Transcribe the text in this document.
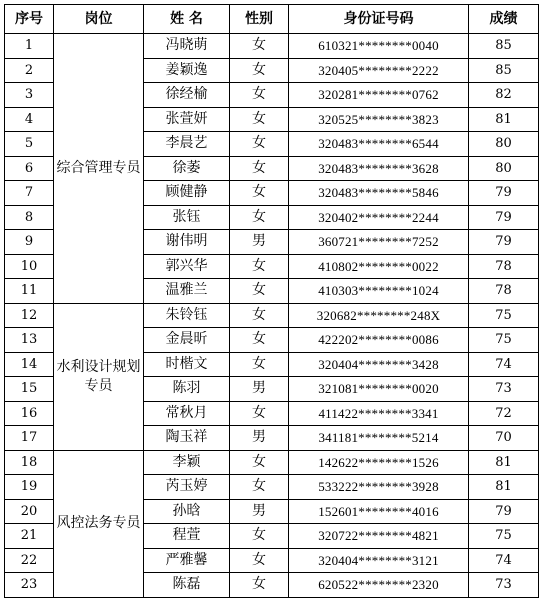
序号	岗位	姓 名	性别	身份证号码	成绩
1	综合管理专员	冯晓萌	女	610321********0040	85
2		姜颖逸	女	320405********2222	85
3		徐经榆	女	320281********0762	82
4		张萱妍	女	320525********3823	81
5		李晨艺	女	320483********6544	80
6		徐萎	女	320483********3628	80
7		顾健静	女	320483********5846	79
8		张钰	女	320402********2244	79
9		谢伟明	男	360721********7252	79
10		郭兴华	女	410802********0022	78
11		温雅兰	女	410303********1024	78
12	水利设计规划专员	朱铃钰	女	320682********248X	75
13		金晨昕	女	422202********0086	75
14		时楷文	女	320404********3428	74
15		陈羽	男	321081********0020	73
16		常秋月	女	411422********3341	72
17		陶玉祥	男	341181********5214	70
18	风控法务专员	李颖	女	142622********1526	81
19		芮玉婷	女	533222********3928	81
20		孙晗	男	152601********4016	79
21		程萱	女	320722********4821	75
22		严雅馨	女	320404********3121	74
23		陈磊	女	620522********2320	73
